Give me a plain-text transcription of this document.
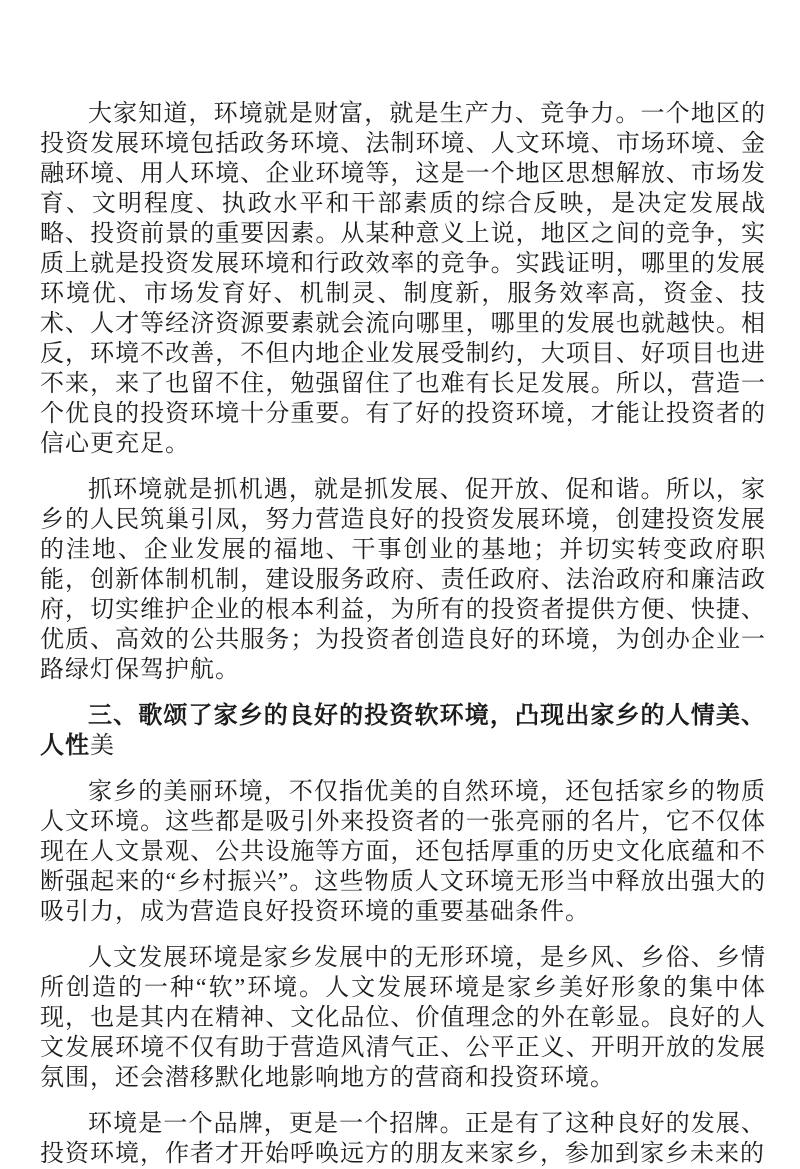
大家知道，环境就是财富，就是生产力、竞争力。一个地区的投资发展环境包括政务环境、法制环境、人文环境、市场环境、金融环境、用人环境、企业环境等，这是一个地区思想解放、市场发育、文明程度、执政水平和干部素质的综合反映，是决定发展战略、投资前景的重要因素。从某种意义上说，地区之间的竞争，实质上就是投资发展环境和行政效率的竞争。实践证明，哪里的发展环境优、市场发育好、机制灵、制度新，服务效率高，资金、技术、人才等经济资源要素就会流向哪里，哪里的发展也就越快。相反，环境不改善，不但内地企业发展受制约，大项目、好项目也进不来，来了也留不住，勉强留住了也难有长足发展。所以，营造一个优良的投资环境十分重要。有了好的投资环境，才能让投资者的信心更充足。

抓环境就是抓机遇，就是抓发展、促开放、促和谐。所以，家乡的人民筑巢引凤，努力营造良好的投资发展环境，创建投资发展的洼地、企业发展的福地、干事创业的基地；并切实转变政府职能，创新体制机制，建设服务政府、责任政府、法治政府和廉洁政府，切实维护企业的根本利益，为所有的投资者提供方便、快捷、优质、高效的公共服务；为投资者创造良好的环境，为创办企业一路绿灯保驾护航。

三、歌颂了家乡的良好的投资软环境，凸现出家乡的人情美、人性美

家乡的美丽环境，不仅指优美的自然环境，还包括家乡的物质人文环境。这些都是吸引外来投资者的一张亮丽的名片，它不仅体现在人文景观、公共设施等方面，还包括厚重的历史文化底蕴和不断强起来的“乡村振兴”。这些物质人文环境无形当中释放出强大的吸引力，成为营造良好投资环境的重要基础条件。

人文发展环境是家乡发展中的无形环境，是乡风、乡俗、乡情所创造的一种“软”环境。人文发展环境是家乡美好形象的集中体现，也是其内在精神、文化品位、价值理念的外在彰显。良好的人文发展环境不仅有助于营造风清气正、公平正义、开明开放的发展氛围，还会潜移默化地影响地方的营商和投资环境。

环境是一个品牌，更是一个招牌。正是有了这种良好的发展、投资环境，作者才开始呼唤远方的朋友来家乡，参加到家乡未来的
